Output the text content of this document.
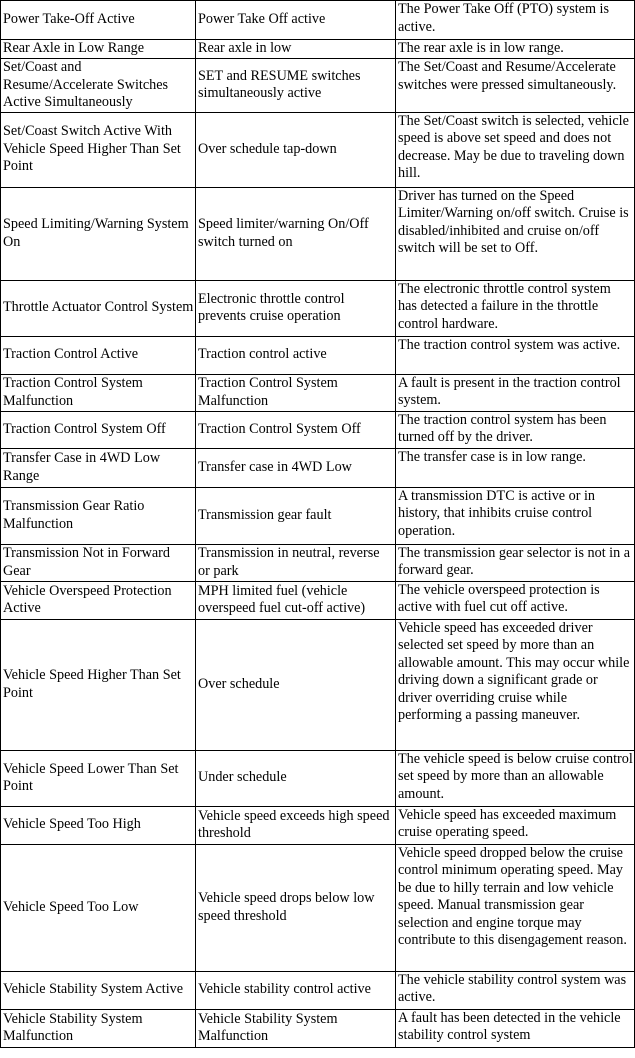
Power Take-Off Active	Power Take Off active	The Power Take Off (PTO) system is active.
Rear Axle in Low Range	Rear axle in low	The rear axle is in low range.
Set/Coast and Resume/Accelerate Switches Active Simultaneously	SET and RESUME switches simultaneously active	The Set/Coast and Resume/Accelerate switches were pressed simultaneously.
Set/Coast Switch Active With Vehicle Speed Higher Than Set Point	Over schedule tap-down	The Set/Coast switch is selected, vehicle speed is above set speed and does not decrease. May be due to traveling down hill.
Speed Limiting/Warning System On	Speed limiter/warning On/Off switch turned on	Driver has turned on the Speed Limiter/Warning on/off switch. Cruise is disabled/inhibited and cruise on/off switch will be set to Off.
Throttle Actuator Control System	Electronic throttle control prevents cruise operation	The electronic throttle control system has detected a failure in the throttle control hardware.
Traction Control Active	Traction control active	The traction control system was active.
Traction Control System Malfunction	Traction Control System Malfunction	A fault is present in the traction control system.
Traction Control System Off	Traction Control System Off	The traction control system has been turned off by the driver.
Transfer Case in 4WD Low Range	Transfer case in 4WD Low	The transfer case is in low range.
Transmission Gear Ratio Malfunction	Transmission gear fault	A transmission DTC is active or in history, that inhibits cruise control operation.
Transmission Not in Forward Gear	Transmission in neutral, reverse or park	The transmission gear selector is not in a forward gear.
Vehicle Overspeed Protection Active	MPH limited fuel (vehicle overspeed fuel cut-off active)	The vehicle overspeed protection is active with fuel cut off active.
Vehicle Speed Higher Than Set Point	Over schedule	Vehicle speed has exceeded driver selected set speed by more than an allowable amount. This may occur while driving down a significant grade or driver overriding cruise while performing a passing maneuver.
Vehicle Speed Lower Than Set Point	Under schedule	The vehicle speed is below cruise control set speed by more than an allowable amount.
Vehicle Speed Too High	Vehicle speed exceeds high speed threshold	Vehicle speed has exceeded maximum cruise operating speed.
Vehicle Speed Too Low	Vehicle speed drops below low speed threshold	Vehicle speed dropped below the cruise control minimum operating speed. May be due to hilly terrain and low vehicle speed. Manual transmission gear selection and engine torque may contribute to this disengagement reason.
Vehicle Stability System Active	Vehicle stability control active	The vehicle stability control system was active.
Vehicle Stability System Malfunction	Vehicle Stability System Malfunction	A fault has been detected in the vehicle stability control system
